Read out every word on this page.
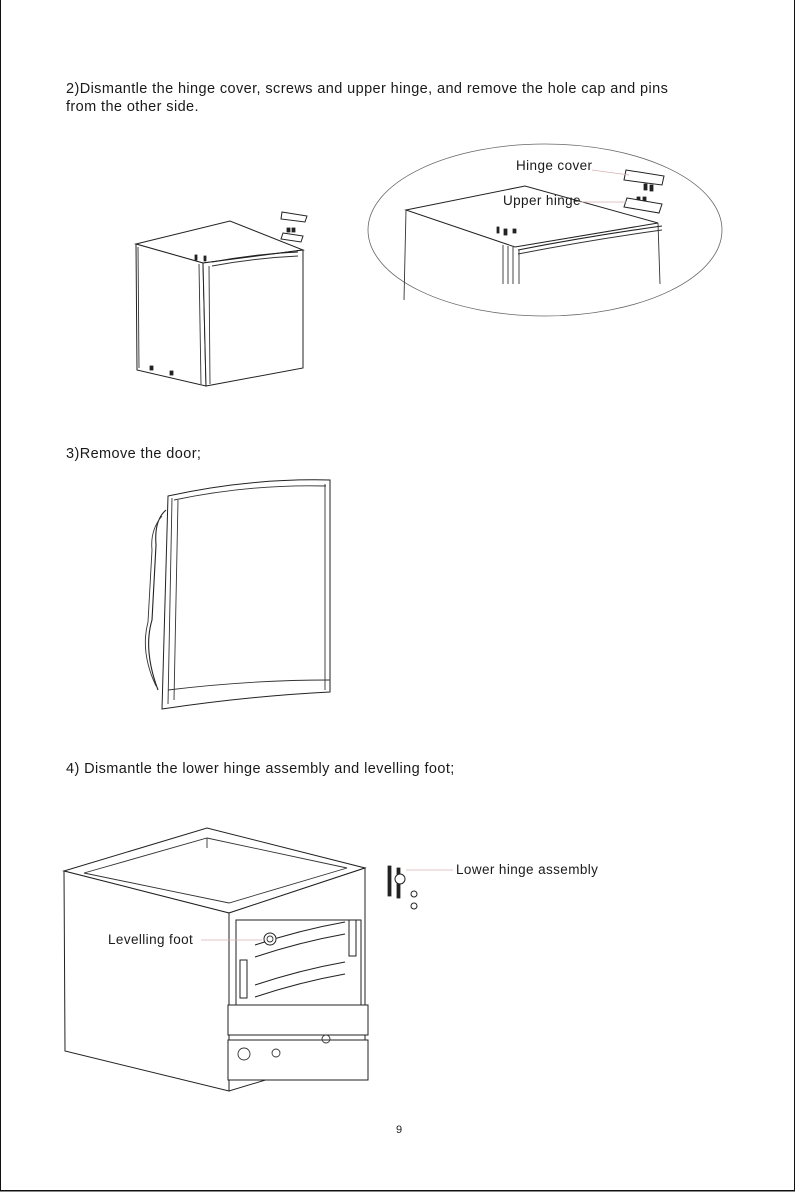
2)Dismantle the hinge cover, screws and upper hinge, and remove the hole cap and pins from the other side.
3)Remove the door;
4) Dismantle the lower hinge assembly and levelling foot;
Hinge cover
Upper hinge
Lower hinge assembly
Levelling foot
9
